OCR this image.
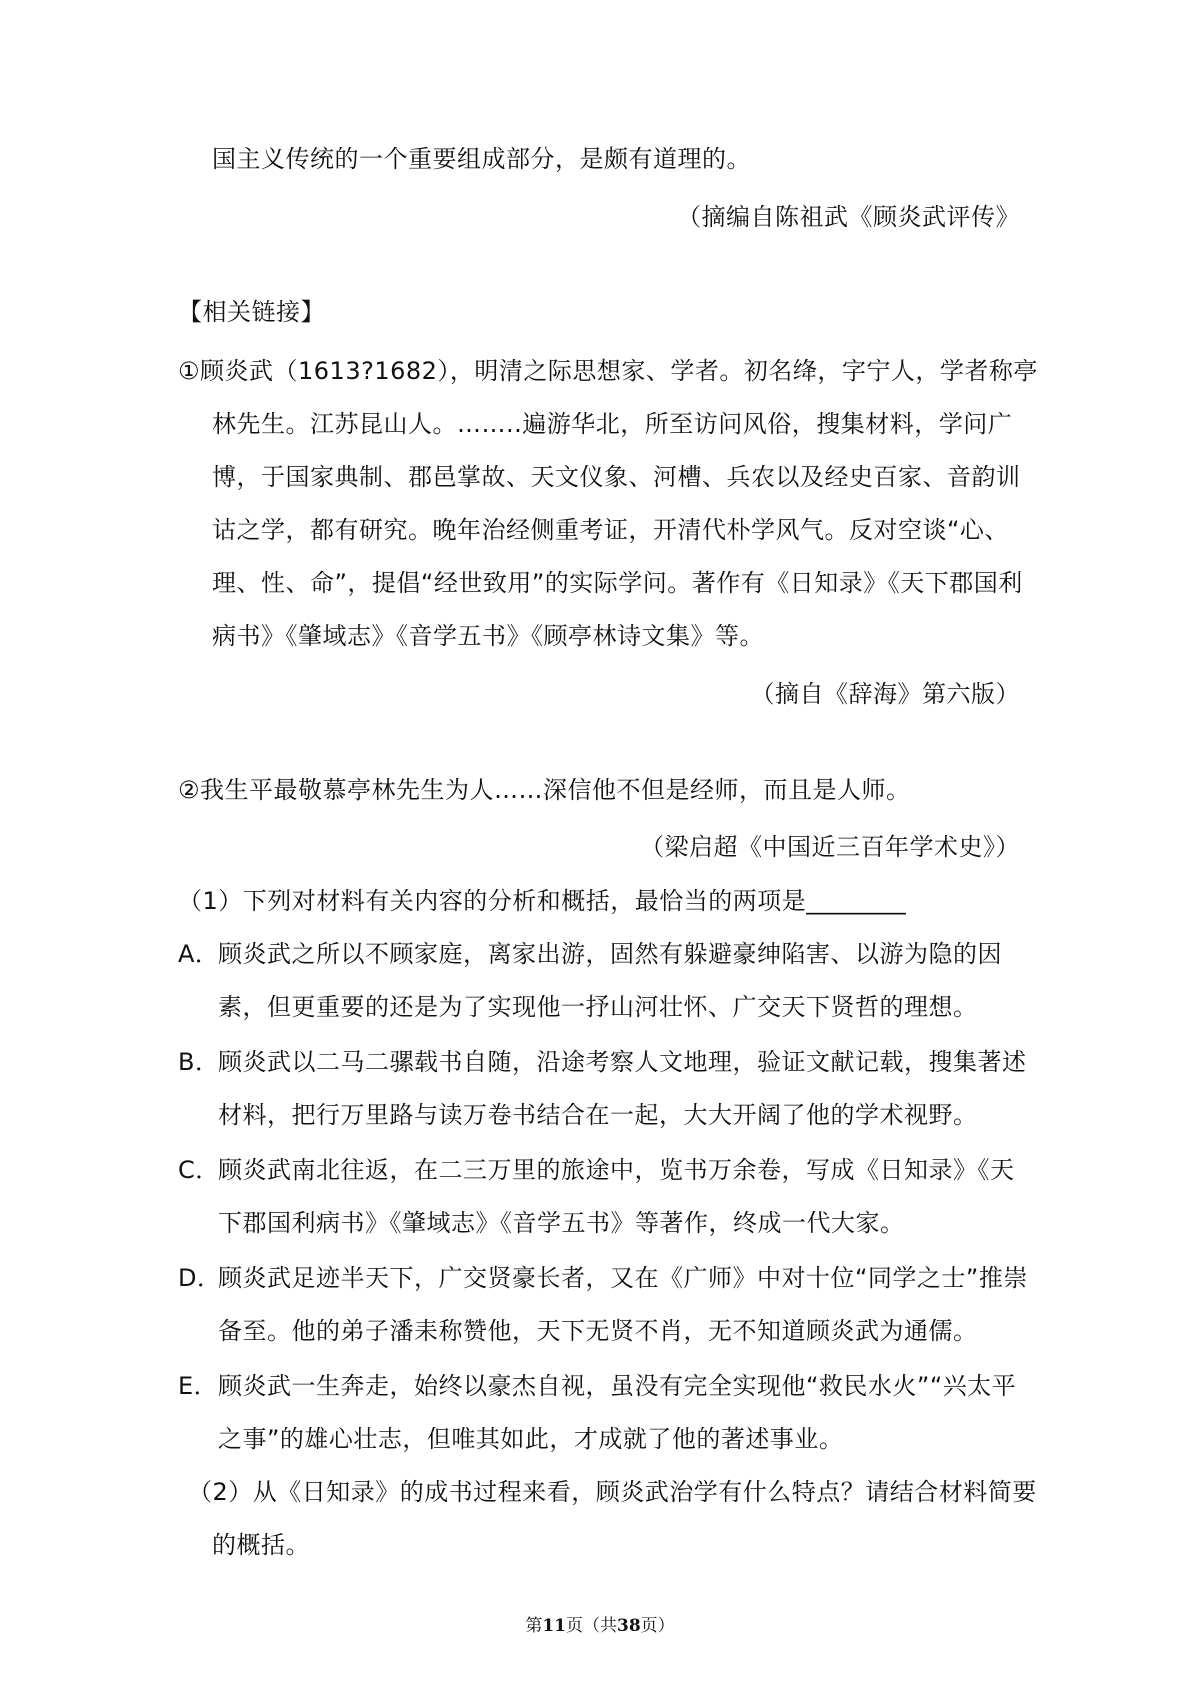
国主义传统的一个重要组成部分，是颇有道理的。
（摘编自陈祖武《顾炎武评传》
【相关链接】
①顾炎武（1613?1682），明清之际思想家、学者。初名绛，字宁人，学者称亭
林先生。江苏昆山人。……..遍游华北，所至访问风俗，搜集材料，学问广
博，于国家典制、郡邑掌故、天文仪象、河槽、兵农以及经史百家、音韵训
诂之学，都有研究。晚年治经侧重考证，开清代朴学风气。反对空谈“心、
理、性、命”，提倡“经世致用”的实际学问。著作有《日知录》《天下郡国利
病书》《肇域志》《音学五书》《顾亭林诗文集》等。
（摘自《辞海》第六版）
②我生平最敬慕亭林先生为人……深信他不但是经师，而且是人师。
（梁启超《中国近三百年学术史》）
（1）下列对材料有关内容的分析和概括，最恰当的两项是________
A．
顾炎武之所以不顾家庭，离家出游，固然有躲避豪绅陷害、以游为隐的因
素，但更重要的还是为了实现他一抒山河壮怀、广交天下贤哲的理想。
B．
顾炎武以二马二骡载书自随，沿途考察人文地理，验证文献记载，搜集著述
材料，把行万里路与读万卷书结合在一起，大大开阔了他的学术视野。
C．
顾炎武南北往返，在二三万里的旅途中，览书万余卷，写成《日知录》《天
下郡国利病书》《肇域志》《音学五书》等著作，终成一代大家。
D．
顾炎武足迹半天下，广交贤豪长者，又在《广师》中对十位“同学之士”推崇
备至。他的弟子潘耒称赞他，天下无贤不肖，无不知道顾炎武为通儒。
E． 顾炎武一生奔走，始终以豪杰自视，虽没有完全实现他“救民水火”“兴太平
之事”的雄心壮志，但唯其如此，才成就了他的著述事业。
（2）从《日知录》的成书过程来看，顾炎武治学有什么特点？请结合材料简要
的概括。
第11页（共38页）
